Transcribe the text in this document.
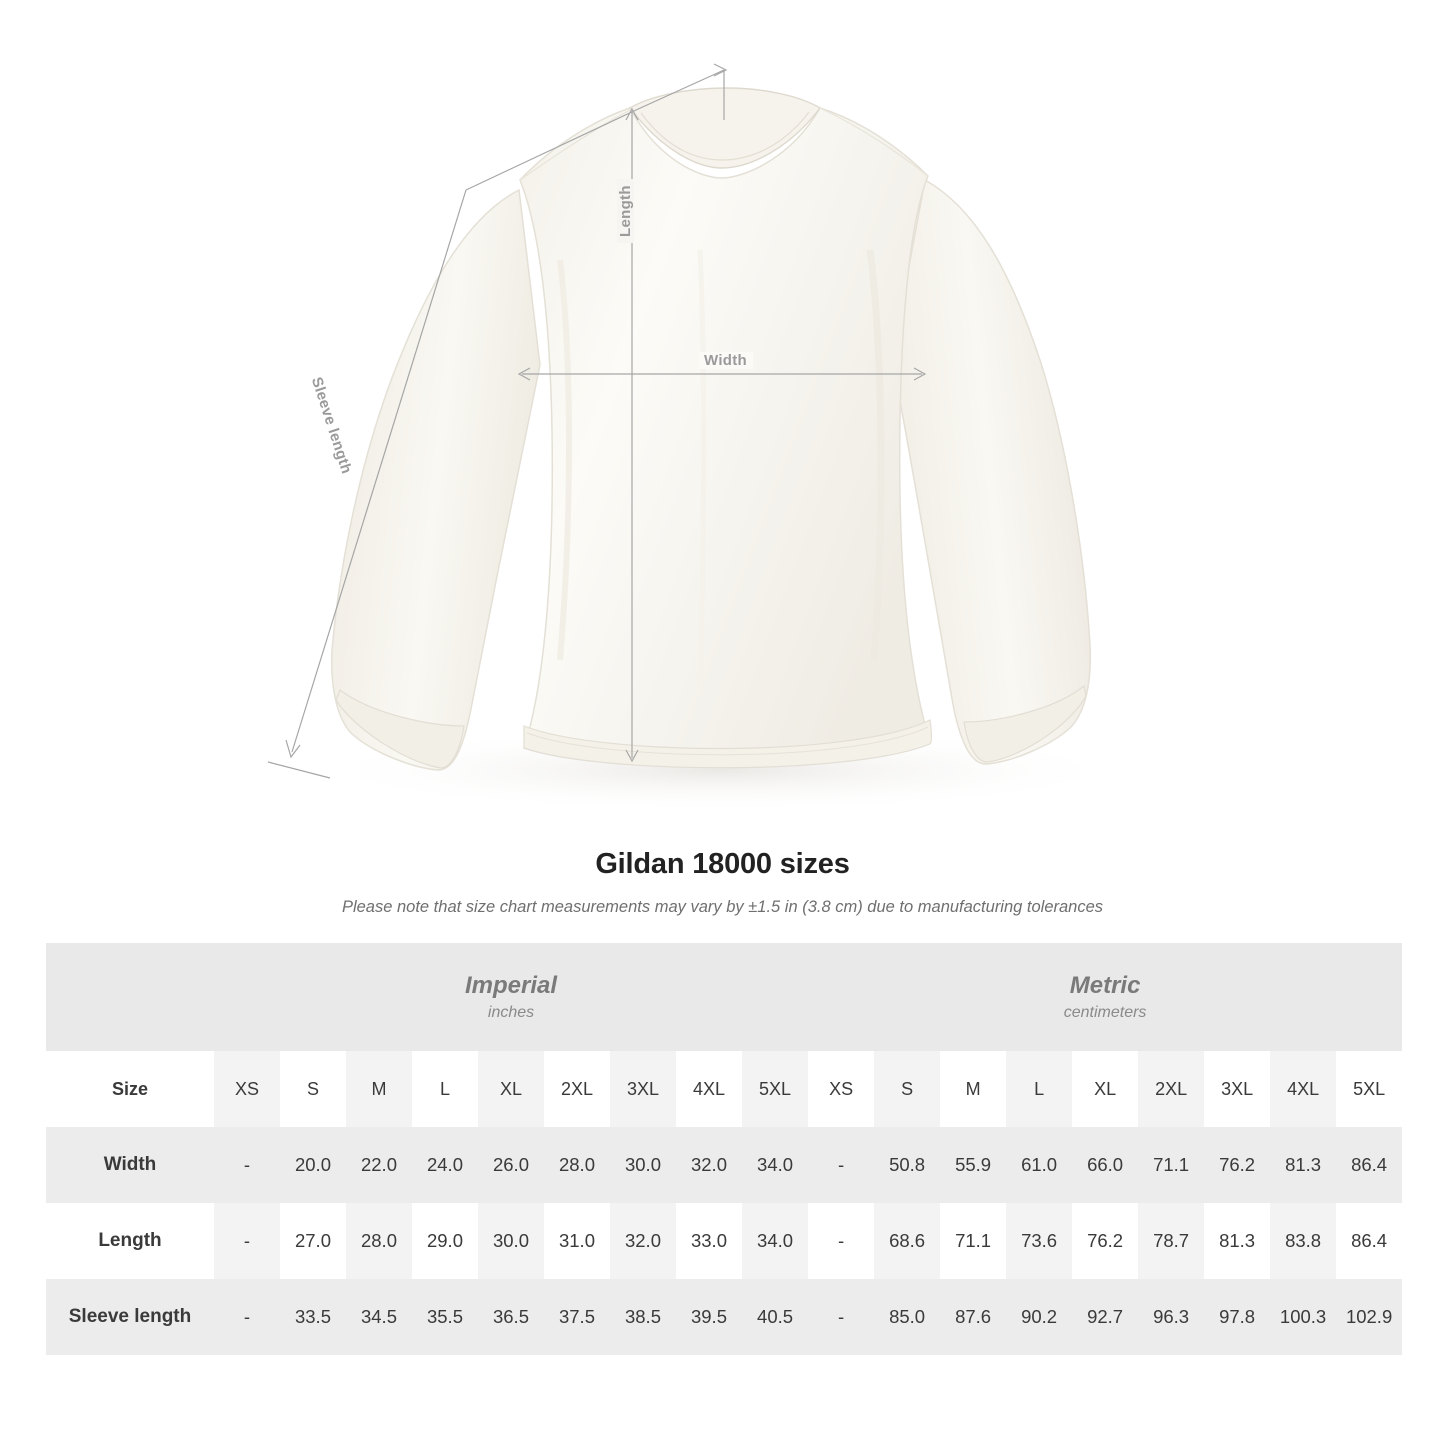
Width
Length
Sleeve length
Gildan 18000 sizes
Please note that size chart measurements may vary by ±1.5 in (3.8 cm) due to manufacturing tolerances

Imperial
inches

Metric
centimeters

Size	XS	S	M	L	XL	2XL	3XL	4XL	5XL	XS	S	M	L	XL	2XL	3XL	4XL	5XL
Width	-	20.0	22.0	24.0	26.0	28.0	30.0	32.0	34.0	-	50.8	55.9	61.0	66.0	71.1	76.2	81.3	86.4
Length	-	27.0	28.0	29.0	30.0	31.0	32.0	33.0	34.0	-	68.6	71.1	73.6	76.2	78.7	81.3	83.8	86.4
Sleeve length	-	33.5	34.5	35.5	36.5	37.5	38.5	39.5	40.5	-	85.0	87.6	90.2	92.7	96.3	97.8	100.3	102.9
